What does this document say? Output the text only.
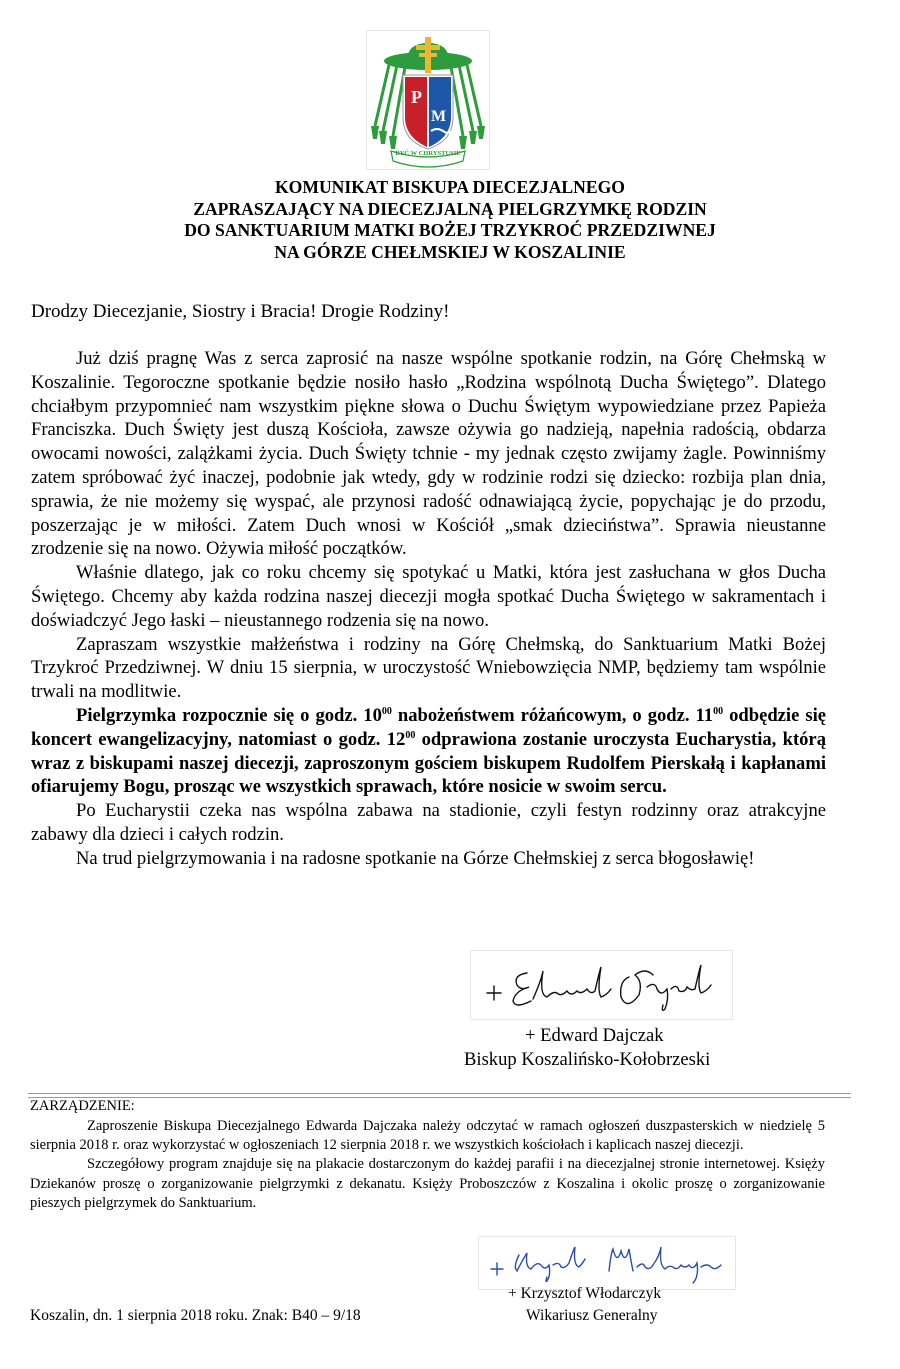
P
M
BYĆ W CHRYSTUSIE
KOMUNIKAT BISKUPA DIECEZJALNEGO
ZAPRASZAJĄCY NA DIECEZJALNĄ PIELGRZYMKĘ RODZIN
DO SANKTUARIUM MATKI BOŻEJ TRZYKROĆ PRZEDZIWNEJ
NA GÓRZE CHEŁMSKIEJ W KOSZALINIE
Drodzy Diecezjanie, Siostry i Bracia! Drogie Rodziny!

Już dziś pragnę Was z serca zaprosić na nasze wspólne spotkanie rodzin, na Górę Chełmską w Koszalinie. Tegoroczne spotkanie będzie nosiło hasło „Rodzina wspólnotą Ducha Świętego”. Dlatego chciałbym przypomnieć nam wszystkim piękne słowa o Duchu Świętym wypowiedziane przez Papieża Franciszka. Duch Święty jest duszą Kościoła, zawsze ożywia go nadzieją, napełnia radością, obdarza owocami nowości, zalążkami życia. Duch Święty tchnie - my jednak często zwijamy żagle. Powinniśmy zatem spróbować żyć inaczej, podobnie jak wtedy, gdy w rodzinie rodzi się dziecko: rozbija plan dnia, sprawia, że nie możemy się wyspać, ale przynosi radość odnawiającą życie, popychając je do przodu, poszerzając je w miłości. Zatem Duch wnosi w Kościół „smak dzieciństwa”. Sprawia nieustanne zrodzenie się na nowo. Ożywia miłość początków.

Właśnie dlatego, jak co roku chcemy się spotykać u Matki, która jest zasłuchana w głos Ducha Świętego. Chcemy aby każda rodzina naszej diecezji mogła spotkać Ducha Świętego w sakramentach i doświadczyć Jego łaski – nieustannego rodzenia się na nowo.

Zapraszam wszystkie małżeństwa i rodziny na Górę Chełmską, do Sanktuarium Matki Bożej Trzykroć Przedziwnej. W dniu 15 sierpnia, w uroczystość Wniebowzięcia NMP, będziemy tam wspólnie trwali na modlitwie.

Pielgrzymka rozpocznie się o godz. $10^{00}$ nabożeństwem różańcowym, o godz. $11^{00}$ odbędzie się koncert ewangelizacyjny, natomiast o godz. $12^{00}$ odprawiona zostanie uroczysta Eucharystia, którą wraz z biskupami naszej diecezji, zaproszonym gościem biskupem Rudolfem Pierskałą i kapłanami ofiarujemy Bogu, prosząc we wszystkich sprawach, które nosicie w swoim sercu.

Po Eucharystii czeka nas wspólna zabawa na stadionie, czyli festyn rodzinny oraz atrakcyjne zabawy dla dzieci i całych rodzin.

Na trud pielgrzymowania i na radosne spotkanie na Górze Chełmskiej z serca błogosławię!

+ Edward Dajczak
Biskup Koszalińsko-Kołobrzeski
ZARZĄDZENIE:

Zaproszenie Biskupa Diecezjalnego Edwarda Dajczaka należy odczytać w ramach ogłoszeń duszpasterskich w niedzielę 5 sierpnia 2018 r. oraz wykorzystać w ogłoszeniach 12 sierpnia 2018 r. we wszystkich kościołach i kaplicach naszej diecezji.

Szczegółowy program znajduje się na plakacie dostarczonym do każdej parafii i na diecezjalnej stronie internetowej. Księży Dziekanów proszę o zorganizowanie pielgrzymki z dekanatu. Księży Proboszczów z Koszalina i okolic proszę o zorganizowanie pieszych pielgrzymek do Sanktuarium.

+ Krzysztof Włodarczyk
Wikariusz Generalny
Koszalin, dn. 1 sierpnia 2018 roku. Znak: B40 – 9/18
